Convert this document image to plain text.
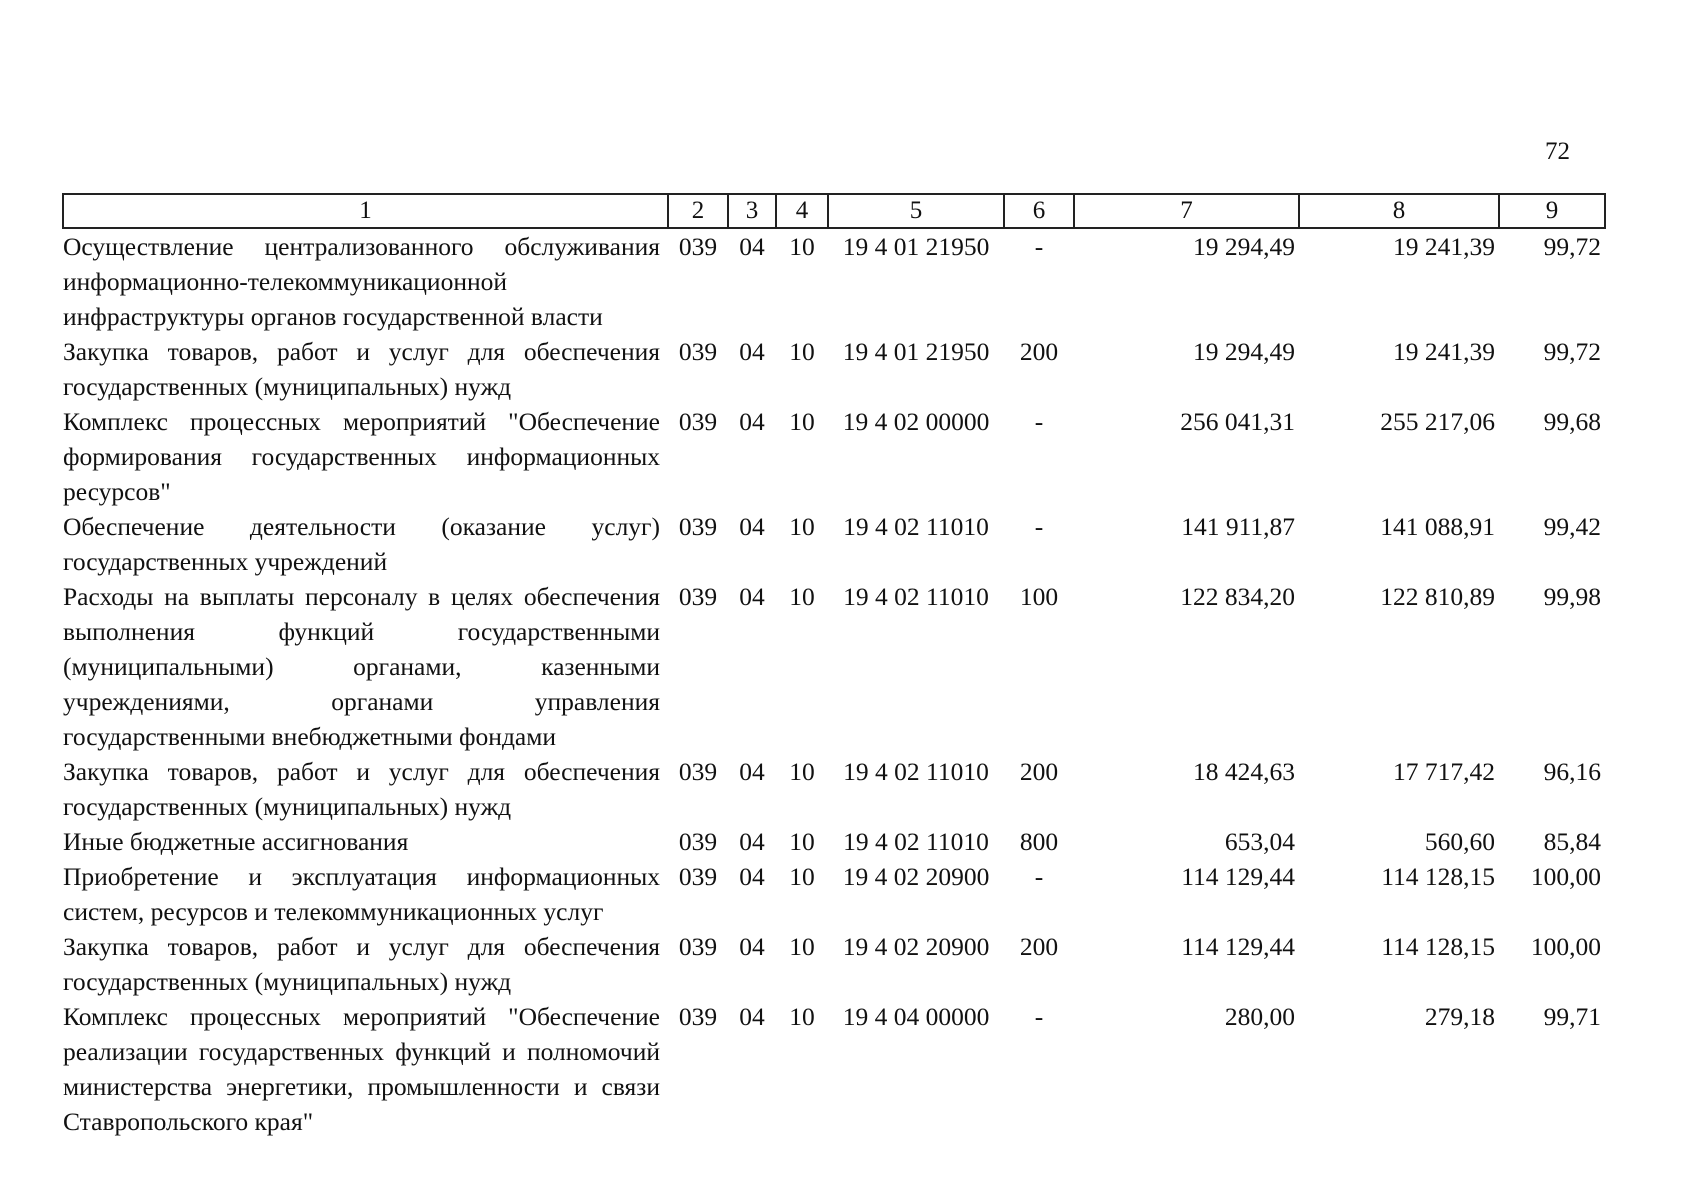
72
1	2	3	4	5	6	7	8	9
Осуществление централизованного обслуживания информационно-телекоммуникационной инфраструктуры органов государственной власти	039	04	10	19 4 01 21950	-	19 294,49	19 241,39	99,72
Закупка товаров, работ и услуг для обеспечения государственных (муниципальных) нужд	039	04	10	19 4 01 21950	200	19 294,49	19 241,39	99,72
Комплекс процессных мероприятий "Обеспечение формирования государственных информационных ресурсов"	039	04	10	19 4 02 00000	-	256 041,31	255 217,06	99,68
Обеспечение деятельности (оказание услуг) государственных учреждений	039	04	10	19 4 02 11010	-	141 911,87	141 088,91	99,42
Расходы на выплаты персоналу в целях обеспечения выполнения функций государственными (муниципальными) органами, казенными учреждениями, органами управления государственными внебюджетными фондами	039	04	10	19 4 02 11010	100	122 834,20	122 810,89	99,98
Закупка товаров, работ и услуг для обеспечения государственных (муниципальных) нужд	039	04	10	19 4 02 11010	200	18 424,63	17 717,42	96,16
Иные бюджетные ассигнования	039	04	10	19 4 02 11010	800	653,04	560,60	85,84
Приобретение и эксплуатация информационных систем, ресурсов и телекоммуникационных услуг	039	04	10	19 4 02 20900	-	114 129,44	114 128,15	100,00
Закупка товаров, работ и услуг для обеспечения государственных (муниципальных) нужд	039	04	10	19 4 02 20900	200	114 129,44	114 128,15	100,00
Комплекс процессных мероприятий "Обеспечение реализации государственных функций и полномочий министерства энергетики, промышленности и связи Ставропольского края"	039	04	10	19 4 04 00000	-	280,00	279,18	99,71
